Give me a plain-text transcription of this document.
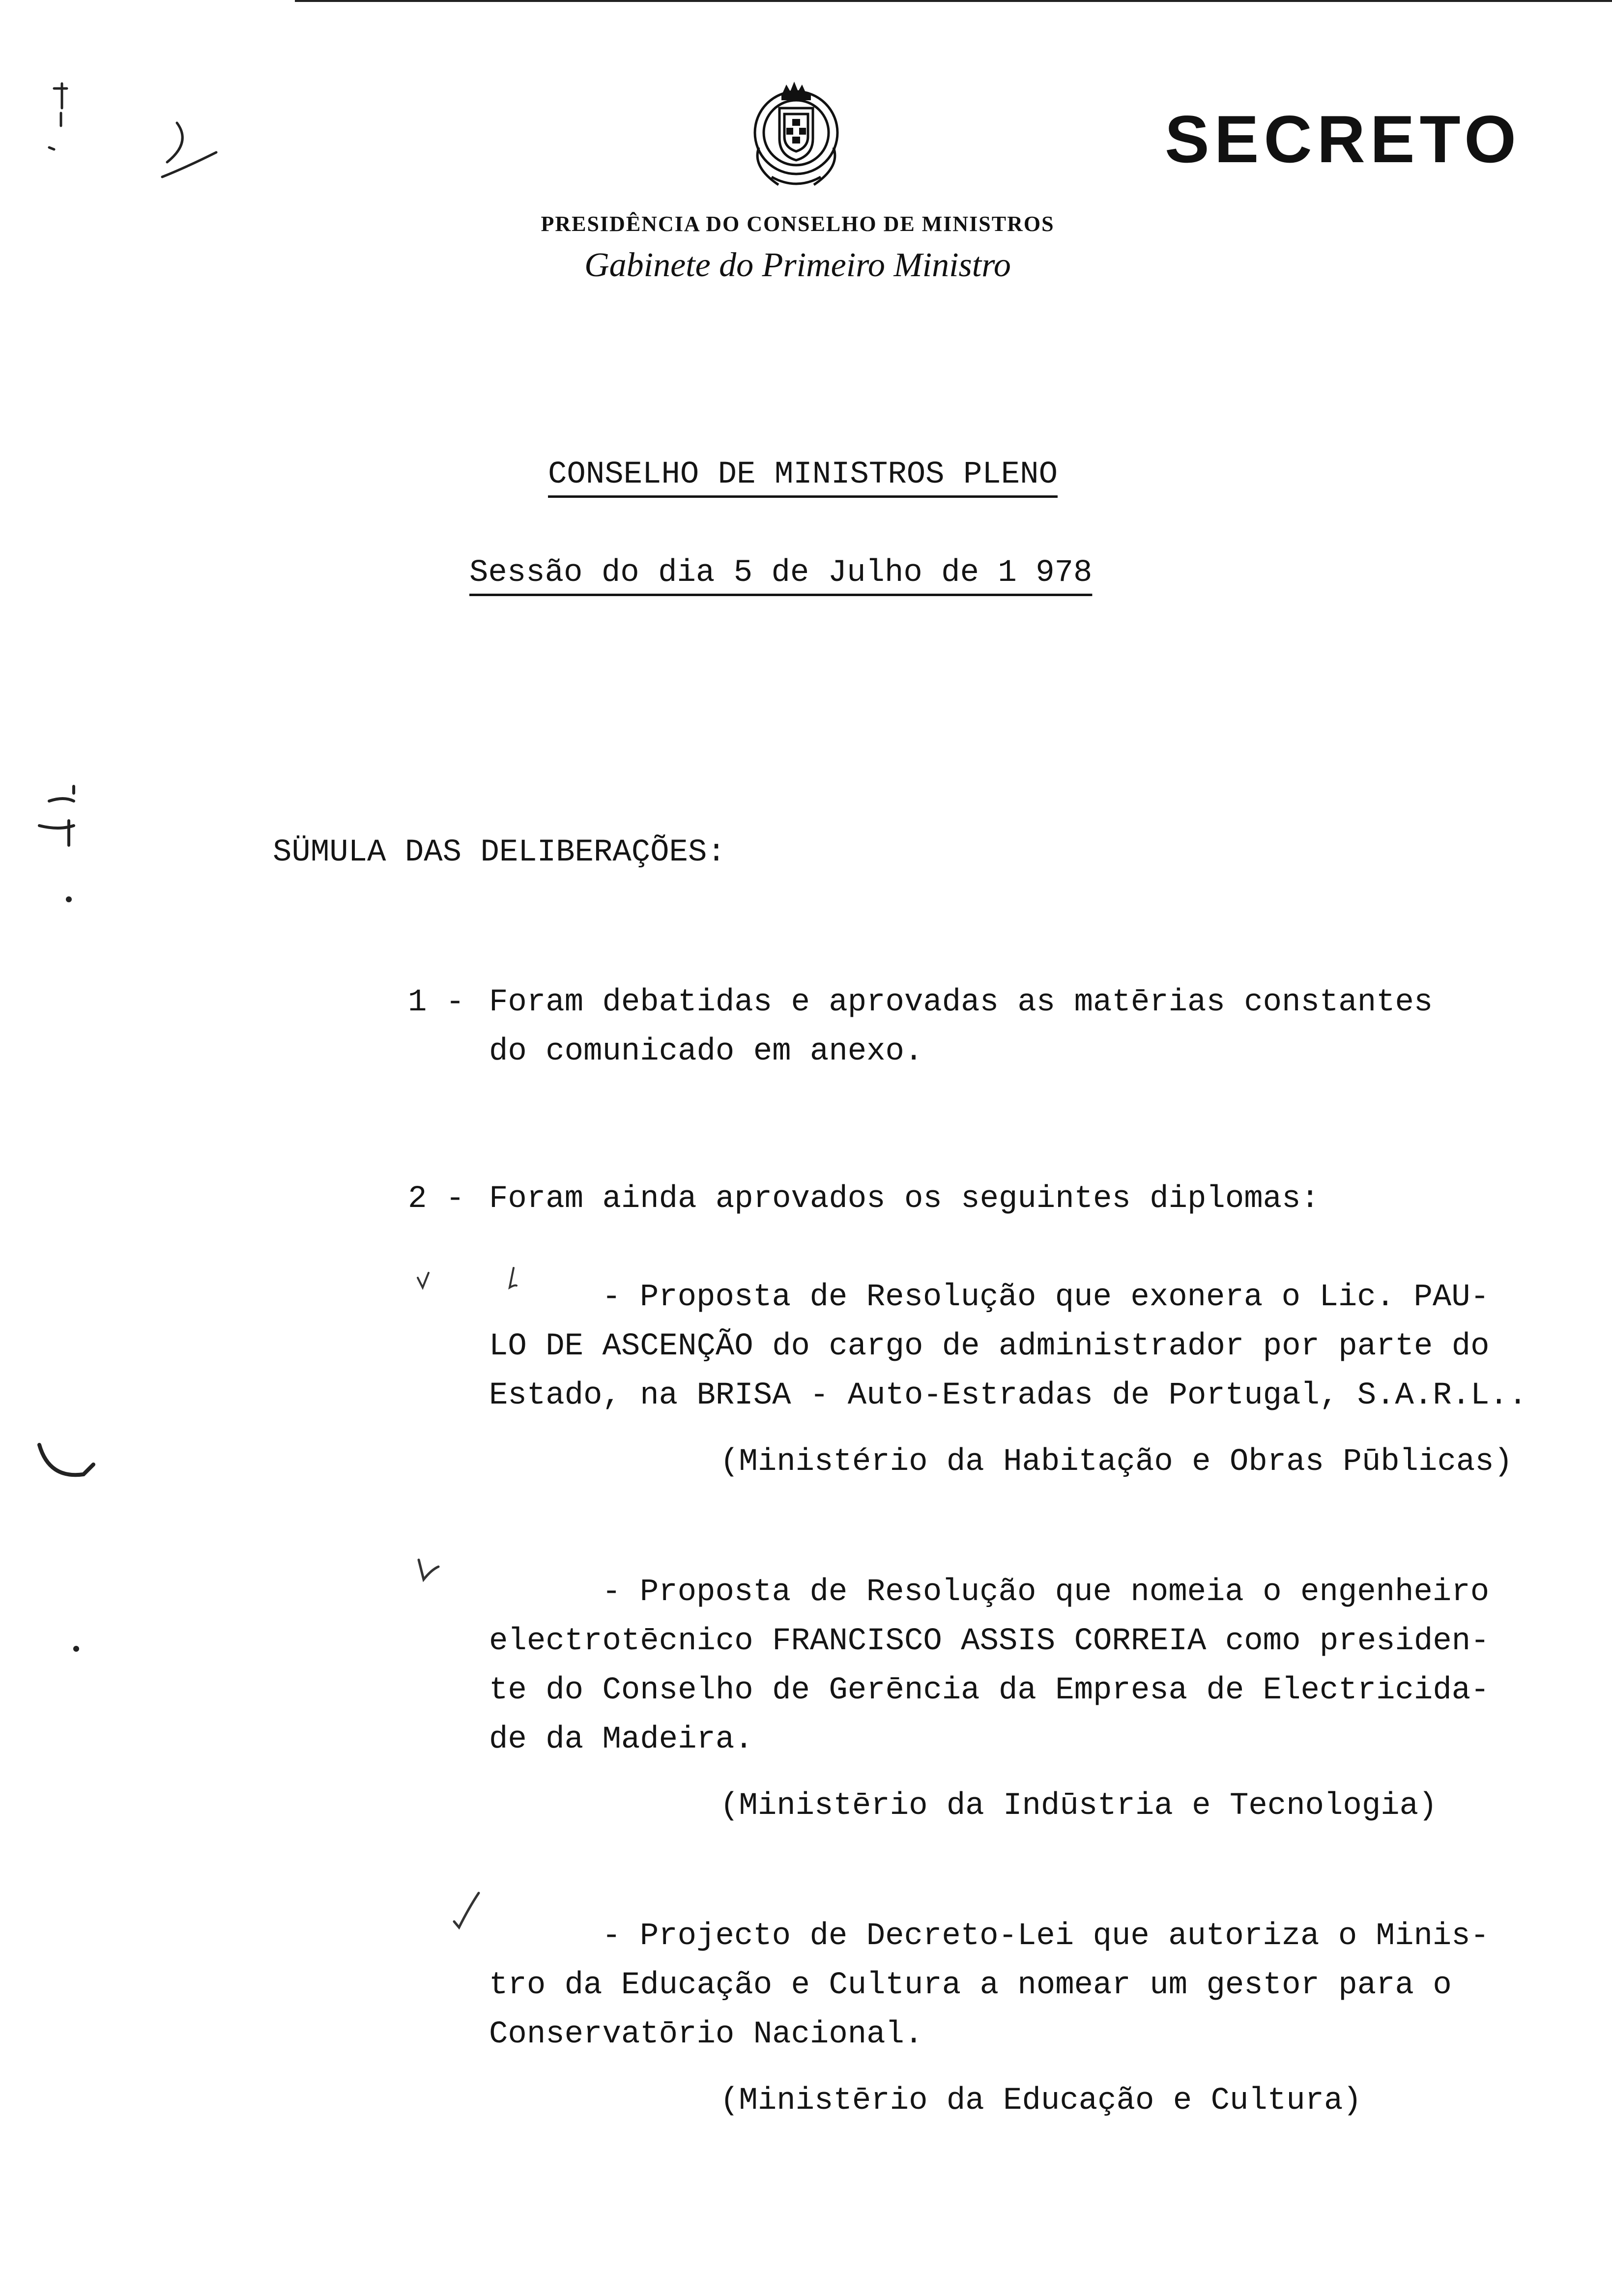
SECRETO
PRESIDÊNCIA DO CONSELHO DE MINISTROS
Gabinete do Primeiro Ministro
CONSELHO DE MINISTROS PLENO
Sessão do dia 5 de Julho de 1 978
SÜMULA DAS DELIBERAÇÕES:
1 - Foram debatidas e aprovadas as matērias constantes
do comunicado em anexo.
2 - Foram ainda aprovados os seguintes diplomas:
- Proposta de Resolução que exonera o Lic. PAU-
LO DE ASCENÇÃO do cargo de administrador por parte do
Estado, na BRISA - Auto-Estradas de Portugal, S.A.R.L..
(Ministério da Habitação e Obras Pūblicas)
- Proposta de Resolução que nomeia o engenheiro
electrotēcnico FRANCISCO ASSIS CORREIA como presiden-
te do Conselho de Gerēncia da Empresa de Electricida-
de da Madeira.
(Ministērio da Indūstria e Tecnologia)
- Projecto de Decreto-Lei que autoriza o Minis-
tro da Educação e Cultura a nomear um gestor para o
Conservatōrio Nacional.
(Ministērio da Educação e Cultura)
